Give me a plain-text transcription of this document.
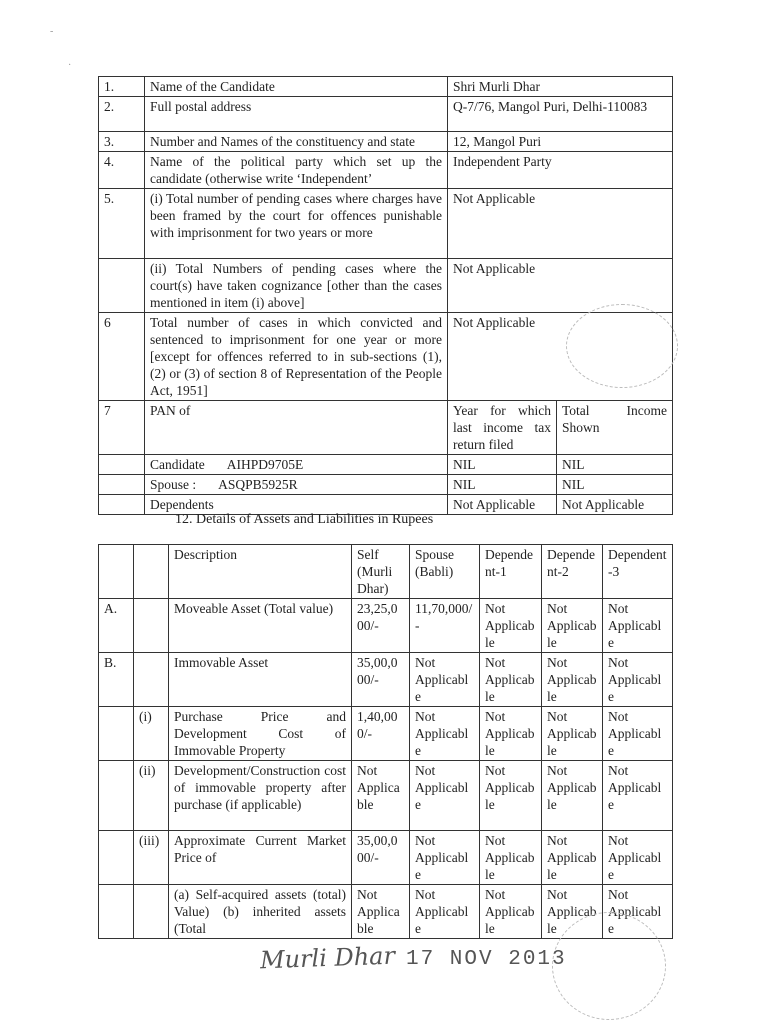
-
·
1.	Name of the Candidate	Shri Murli Dhar	
2.	Full postal address	Q-7/76, Mangol Puri, Delhi-110083	
3.	Number and Names of the constituency and state	12, Mangol Puri	
4.	Name of the political party which set up the candidate (otherwise write ‘Independent’	Independent Party	
5.	(i) Total number of pending cases where charges have been framed by the court for offences punishable with imprisonment for two years or more	Not Applicable	
	(ii) Total Numbers of pending cases where the court(s) have taken cognizance [other than the cases mentioned in item (i) above]	Not Applicable	
6	Total number of cases in which convicted and sentenced to imprisonment for one year or more [except for offences referred to in sub-sections (1), (2) or (3) of section 8 of Representation of the People Act, 1951]	Not Applicable	
7	PAN of	Year for which last income tax return filed	Total Income Shown
	Candidate AIHPD9705E	NIL	NIL
	Spouse : ASQPB5925R	NIL	NIL
	Dependents	Not Applicable	Not Applicable
12. Details of Assets and Liabilities in Rupees
		Description	Self (Murli Dhar)	Spouse (Babli)	Dependent-1	Dependent-2	Dependent-3
A.		Moveable Asset (Total value)	23,25,000/-	11,70,000/-	Not Applicable	Not Applicable	Not Applicable
B.		Immovable Asset	35,00,000/-	Not Applicable	Not Applicable	Not Applicable	Not Applicable
	(i)	Purchase Price and Development Cost of Immovable Property	1,40,000/-	Not Applicable	Not Applicable	Not Applicable	Not Applicable
	(ii)	Development/Construction cost of immovable property after purchase (if applicable)	Not Applicable	Not Applicable	Not Applicable	Not Applicable	Not Applicable
	(iii)	Approximate Current Market Price of	35,00,000/-	Not Applicable	Not Applicable	Not Applicable	Not Applicable
		(a) Self-acquired assets (total) Value) (b) inherited assets (Total	Not Applicable	Not Applicable	Not Applicable	Not Applicable	Not Applicable
Murli Dhar 17 NOV 2013
